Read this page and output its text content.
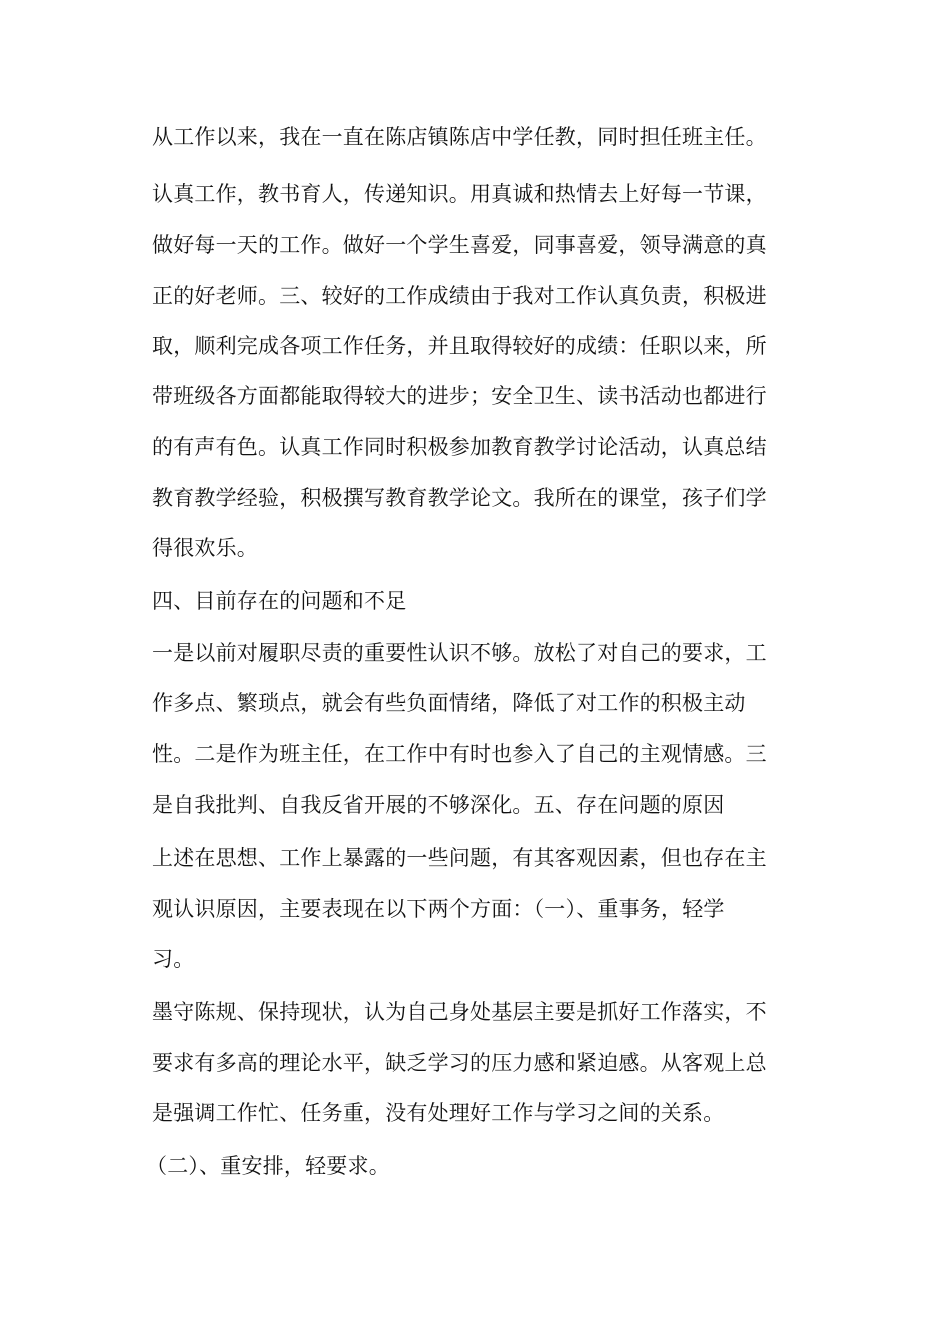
从工作以来，我在一直在陈店镇陈店中学任教，同时担任班主任。
认真工作，教书育人，传递知识。用真诚和热情去上好每一节课，
做好每一天的工作。做好一个学生喜爱，同事喜爱，领导满意的真
正的好老师。三、较好的工作成绩由于我对工作认真负责，积极进
取，顺利完成各项工作任务，并且取得较好的成绩：任职以来，所
带班级各方面都能取得较大的进步；安全卫生、读书活动也都进行
的有声有色。认真工作同时积极参加教育教学讨论活动，认真总结
教育教学经验，积极撰写教育教学论文。我所在的课堂，孩子们学
得很欢乐。
四、目前存在的问题和不足
一是以前对履职尽责的重要性认识不够。放松了对自己的要求，工
作多点、繁琐点，就会有些负面情绪，降低了对工作的积极主动
性。二是作为班主任，在工作中有时也参入了自己的主观情感。三
是自我批判、自我反省开展的不够深化。五、存在问题的原因
上述在思想、工作上暴露的一些问题，有其客观因素，但也存在主
观认识原因，主要表现在以下两个方面：（一）、重事务，轻学
习。
墨守陈规、保持现状，认为自己身处基层主要是抓好工作落实，不
要求有多高的理论水平，缺乏学习的压力感和紧迫感。从客观上总
是强调工作忙、任务重，没有处理好工作与学习之间的关系。
（二）、重安排，轻要求。
